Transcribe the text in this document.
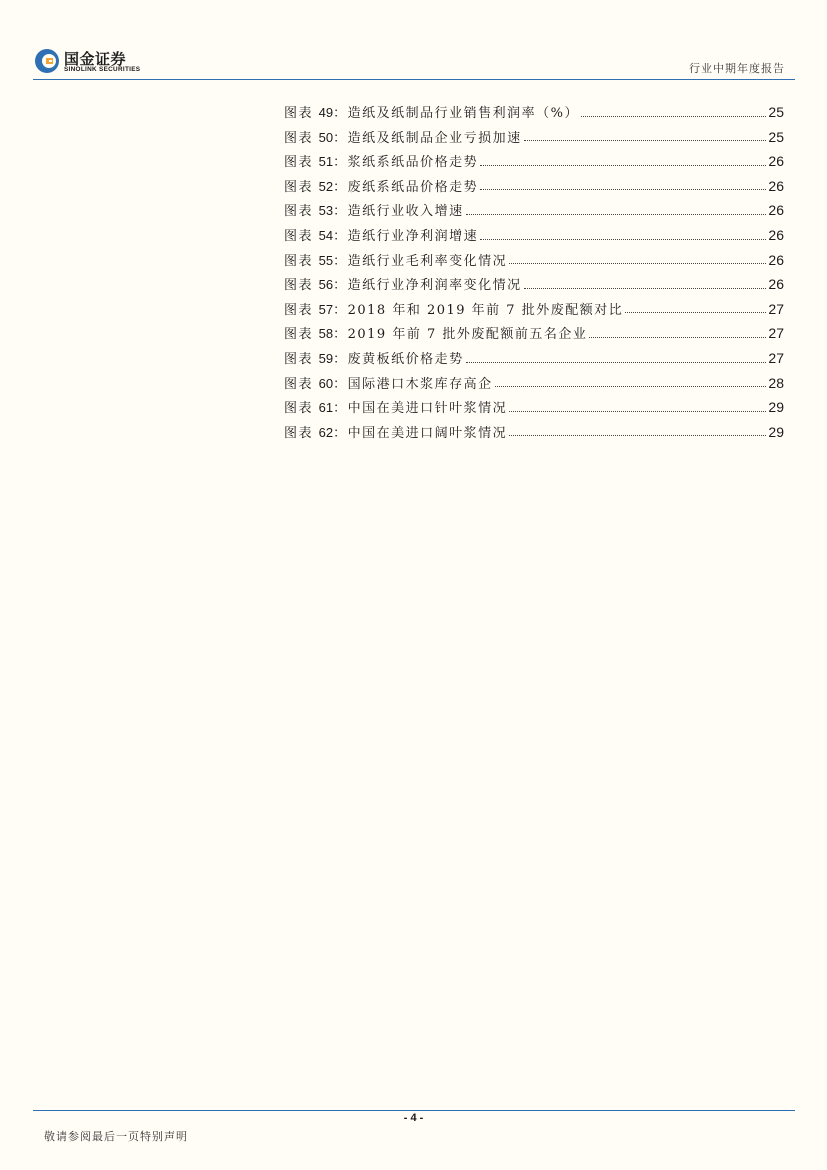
国金证券
SINOLINK SECURITIES	行业中期年度报告
图表 49：造纸及纸制品行业销售利润率（%）	25
图表 50：造纸及纸制品企业亏损加速	25
图表 51：浆纸系纸品价格走势	26
图表 52：废纸系纸品价格走势	26
图表 53：造纸行业收入增速	26
图表 54：造纸行业净利润增速	26
图表 55：造纸行业毛利率变化情况	26
图表 56：造纸行业净利润率变化情况	26
图表 57：2018 年和 2019 年前 7 批外废配额对比	27
图表 58：2019 年前 7 批外废配额前五名企业	27
图表 59：废黄板纸价格走势	27
图表 60：国际港口木浆库存高企	28
图表 61：中国在美进口针叶浆情况	29
图表 62：中国在美进口阔叶浆情况	29
- 4 -
敬请参阅最后一页特别声明
